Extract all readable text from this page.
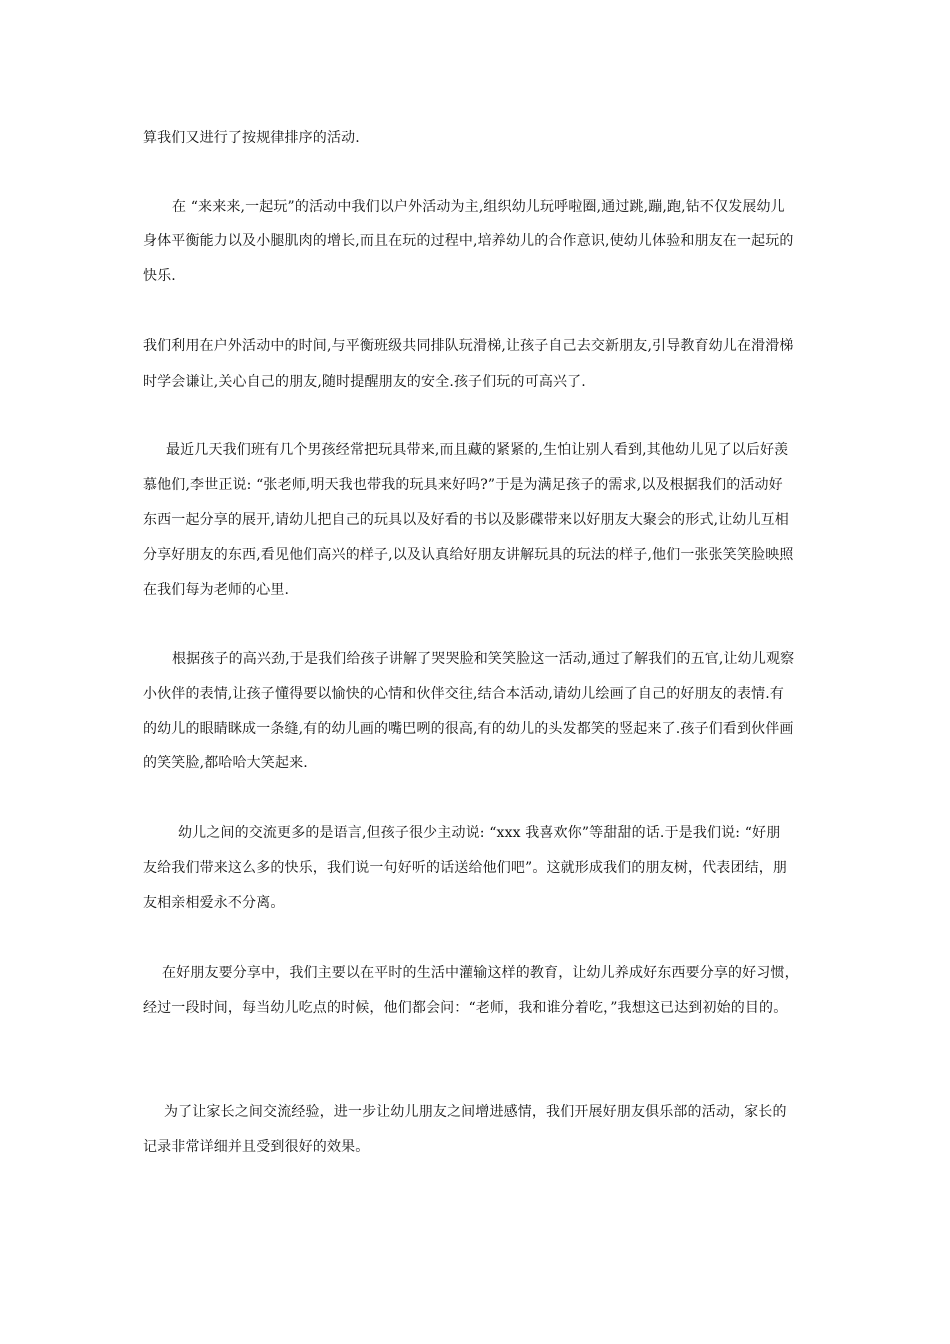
算我们又进行了按规律排序的活动.
在 “来来来,一起玩”的活动中我们以户外活动为主,组织幼儿玩呼啦圈,通过跳,蹦,跑,钻不仅发展幼儿
身体平衡能力以及小腿肌肉的增长,而且在玩的过程中,培养幼儿的合作意识,使幼儿体验和朋友在一起玩的
快乐.
我们利用在户外活动中的时间,与平衡班级共同排队玩滑梯,让孩子自己去交新朋友,引导教育幼儿在滑滑梯
时学会谦让,关心自己的朋友,随时提醒朋友的安全.孩子们玩的可高兴了.
最近几天我们班有几个男孩经常把玩具带来,而且藏的紧紧的,生怕让别人看到,其他幼儿见了以后好羡
慕他们,李世正说: “张老师,明天我也带我的玩具来好吗?”于是为满足孩子的需求,以及根据我们的活动好
东西一起分享的展开,请幼儿把自己的玩具以及好看的书以及影碟带来以好朋友大聚会的形式,让幼儿互相
分享好朋友的东西,看见他们高兴的样子,以及认真给好朋友讲解玩具的玩法的样子,他们一张张笑笑脸映照
在我们每为老师的心里.
根据孩子的高兴劲,于是我们给孩子讲解了哭哭脸和笑笑脸这一活动,通过了解我们的五官,让幼儿观察
小伙伴的表情,让孩子懂得要以愉快的心情和伙伴交往,结合本活动,请幼儿绘画了自己的好朋友的表情.有
的幼儿的眼睛眯成一条缝,有的幼儿画的嘴巴咧的很高,有的幼儿的头发都笑的竖起来了.孩子们看到伙伴画
的笑笑脸,都哈哈大笑起来.
幼儿之间的交流更多的是语言,但孩子很少主动说: “xxx 我喜欢你”等甜甜的话.于是我们说: “好朋
友给我们带来这么多的快乐，我们说一句好听的话送给他们吧”。这就形成我们的朋友树，代表团结，朋
友相亲相爱永不分离。
在好朋友要分享中，我们主要以在平时的生活中灌输这样的教育，让幼儿养成好东西要分享的好习惯，
经过一段时间，每当幼儿吃点的时候，他们都会问：“老师，我和谁分着吃，”我想这已达到初始的目的。
为了让家长之间交流经验，进一步让幼儿朋友之间增进感情，我们开展好朋友俱乐部的活动，家长的
记录非常详细并且受到很好的效果。
